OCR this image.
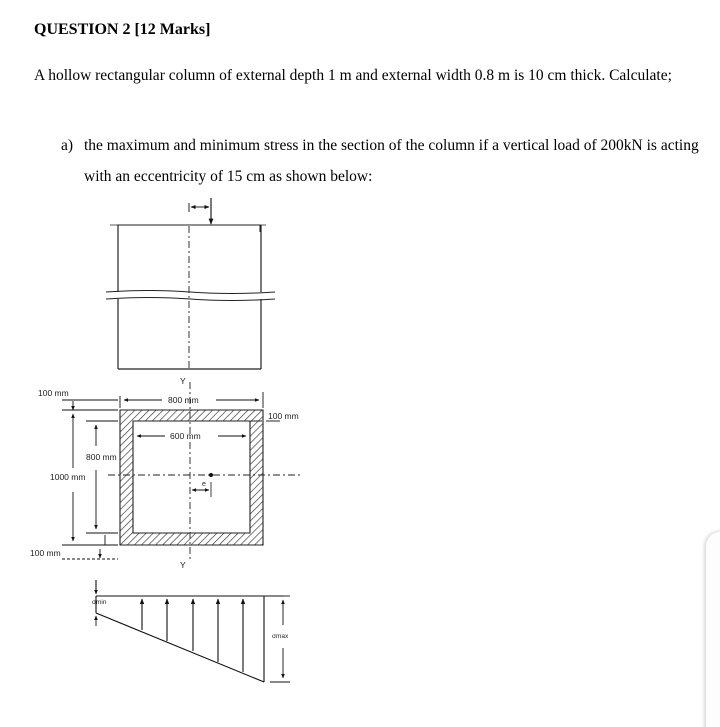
QUESTION 2 [12 Marks]
A hollow rectangular column of external depth 1 m and external width 0.8 m is 10 cm thick. Calculate;
a) the maximum and minimum stress in the section of the column if a vertical load of 200kN is acting with an eccentricity of 15 cm as shown below:
Y
Y
800 mm
100 mm
600 mm
100 mm
800 mm
1000 mm
100 mm
e
σmin
σmax
